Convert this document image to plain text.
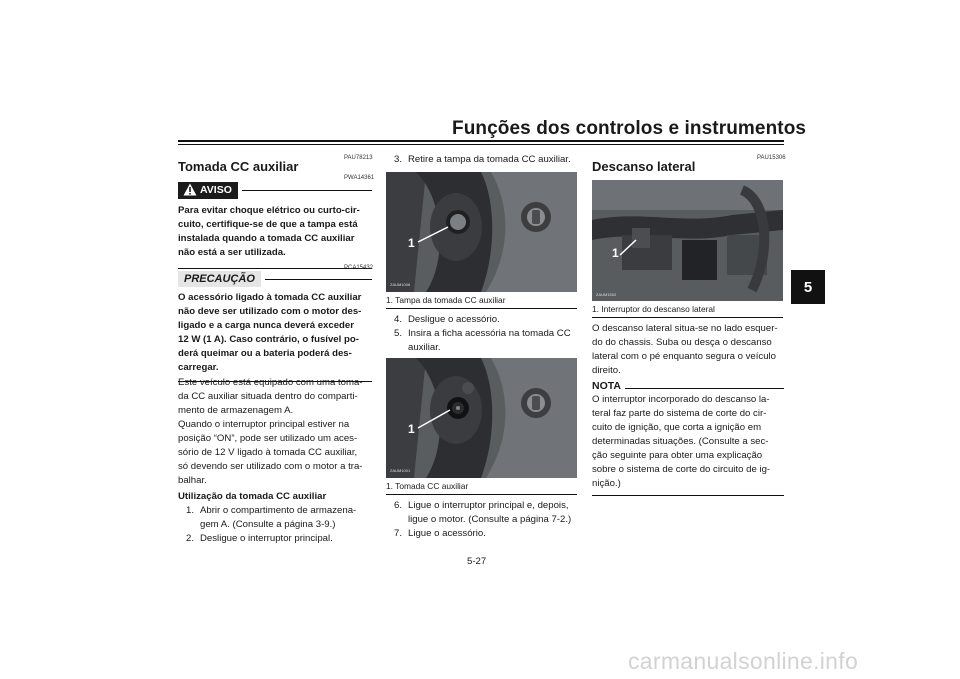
Funções dos controlos e instrumentos
5
PAU78213
Tomada CC auxiliar
PWA14361
AVISO
Para evitar choque elétrico ou curto-cir-
cuito, certifique-se de que a tampa está
instalada quando a tomada CC auxiliar
não está a ser utilizada.
PCA15432
PRECAUÇÃO
O acessório ligado à tomada CC auxiliar
não deve ser utilizado com o motor des-
ligado e a carga nunca deverá exceder
12 W (1 A). Caso contrário, o fusível po-
derá queimar ou a bateria poderá des-
carregar.
Este veículo está equipado com uma toma-
da CC auxiliar situada dentro do comparti-
mento de armazenagem A.
Quando o interruptor principal estiver na
posição “ON”, pode ser utilizado um aces-
sório de 12 V ligado à tomada CC auxiliar,
só devendo ser utilizado com o motor a tra-
balhar.
Utilização da tomada CC auxiliar
1. Abrir o compartimento de armazena-
gem A. (Consulte a página 3-9.)
2. Desligue o interruptor principal.
3. Retire a tampa da tomada CC auxiliar.
1
ZAUM1006
1. Tampa da tomada CC auxiliar
4. Desligue o acessório.
5. Insira a ficha acessória na tomada CC
auxiliar.
1
ZAUM1001
1. Tomada CC auxiliar
6. Ligue o interruptor principal e, depois,
ligue o motor. (Consulte a página 7-2.)
7. Ligue o acessório.
PAU15306
Descanso lateral
1
ZAUM1502
1. Interruptor do descanso lateral
O descanso lateral situa-se no lado esquer-
do do chassis. Suba ou desça o descanso
lateral com o pé enquanto segura o veículo
direito.
NOTA
O interruptor incorporado do descanso la-
teral faz parte do sistema de corte do cir-
cuito de ignição, que corta a ignição em
determinadas situações. (Consulte a sec-
ção seguinte para obter uma explicação
sobre o sistema de corte do circuito de ig-
nição.)
5-27
carmanualsonline.info
